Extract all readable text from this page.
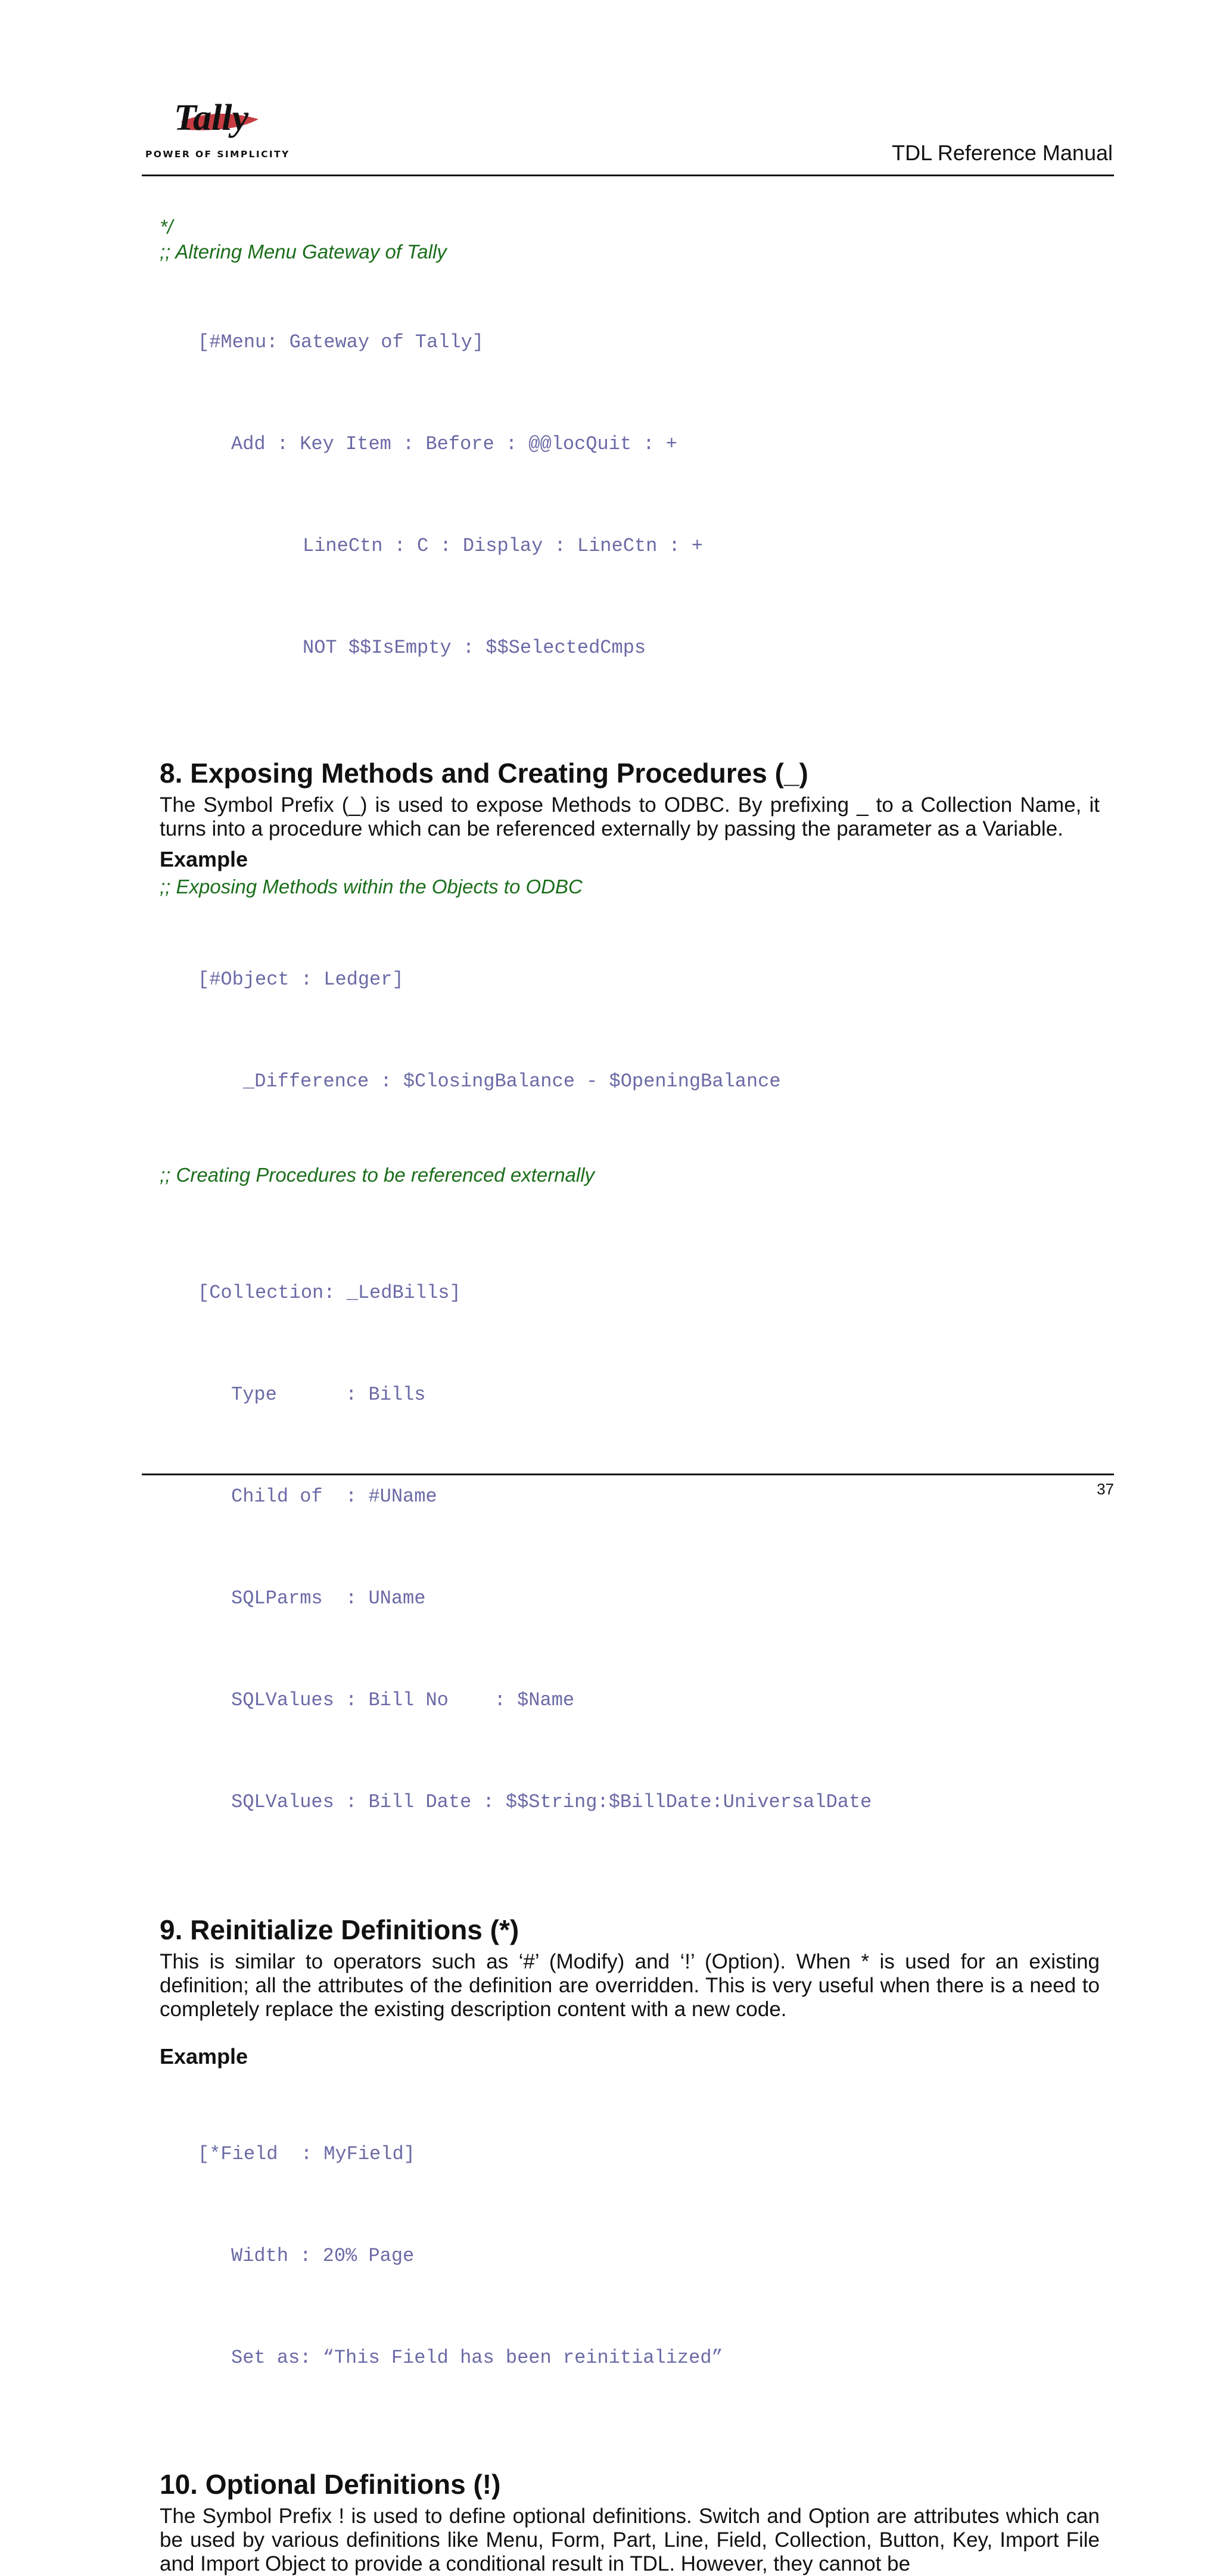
Tally
POWER OF SIMPLICITY	TDL Reference Manual

*/

;; Altering Menu Gateway of Tally

[#Menu: Gateway of Tally]

Add : Key Item : Before : @@locQuit : +

LineCtn : C : Display : LineCtn : +

NOT $$IsEmpty : $$SelectedCmps

8. Exposing Methods and Creating Procedures (_)

The Symbol Prefix (_) is used to expose Methods to ODBC. By prefixing _ to a Collection Name, it turns into a procedure which can be referenced externally by passing the parameter as a Variable.

Example

;; Exposing Methods within the Objects to ODBC

[#Object : Ledger]

_Difference : $ClosingBalance - $OpeningBalance

;; Creating Procedures to be referenced externally

[Collection: _LedBills]

Type      : Bills

Child of  : #UName

SQLParms  : UName

SQLValues : Bill No    : $Name

SQLValues : Bill Date : $$String:$BillDate:UniversalDate

9. Reinitialize Definitions (*)

This is similar to operators such as ‘#’ (Modify) and ‘!’ (Option). When * is used for an existing definition; all the attributes of the definition are overridden. This is very useful when there is a need to completely replace the existing description content with a new code.

Example

[*Field  : MyField]

Width : 20% Page

Set as: “This Field has been reinitialized”

10. Optional Definitions (!)

The Symbol Prefix ! is used to define optional definitions. Switch and Option are attributes which can be used by various definitions like Menu, Form, Part, Line, Field, Collection, Button, Key, Import File and Import Object to provide a conditional result in TDL. However, they cannot be

37
